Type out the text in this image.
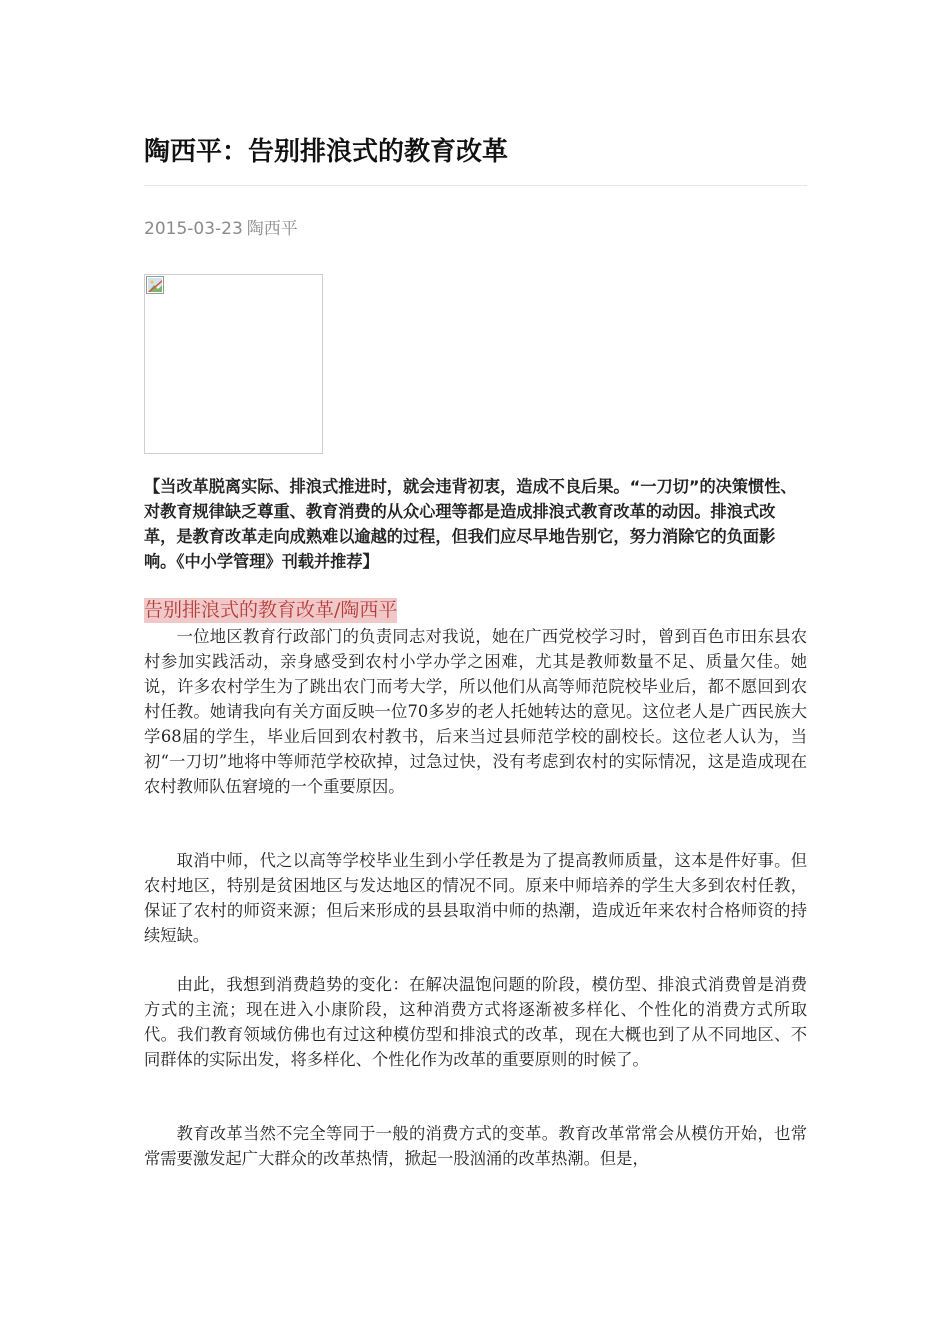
陶西平：告别排浪式的教育改革
2015-03-23 陶西平
【当改革脱离实际、排浪式推进时，就会违背初衷，造成不良后果。“一刀切”的决策惯性、对教育规律缺乏尊重、教育消费的从众心理等都是造成排浪式教育改革的动因。排浪式改革，是教育改革走向成熟难以逾越的过程，但我们应尽早地告别它，努力消除它的负面影响。《中小学管理》刊载并推荐】
告别排浪式的教育改革/陶西平

一位地区教育行政部门的负责同志对我说，她在广西党校学习时，曾到百色市田东县农村参加实践活动，亲身感受到农村小学办学之困难，尤其是教师数量不足、质量欠佳。她说，许多农村学生为了跳出农门而考大学，所以他们从高等师范院校毕业后，都不愿回到农村任教。她请我向有关方面反映一位70多岁的老人托她转达的意见。这位老人是广西民族大学68届的学生，毕业后回到农村教书，后来当过县师范学校的副校长。这位老人认为，当初“一刀切”地将中等师范学校砍掉，过急过快，没有考虑到农村的实际情况，这是造成现在农村教师队伍窘境的一个重要原因。

取消中师，代之以高等学校毕业生到小学任教是为了提高教师质量，这本是件好事。但农村地区，特别是贫困地区与发达地区的情况不同。原来中师培养的学生大多到农村任教，保证了农村的师资来源；但后来形成的县县取消中师的热潮，造成近年来农村合格师资的持续短缺。

由此，我想到消费趋势的变化：在解决温饱问题的阶段，模仿型、排浪式消费曾是消费方式的主流；现在进入小康阶段，这种消费方式将逐渐被多样化、个性化的消费方式所取代。我们教育领域仿佛也有过这种模仿型和排浪式的改革，现在大概也到了从不同地区、不同群体的实际出发，将多样化、个性化作为改革的重要原则的时候了。

教育改革当然不完全等同于一般的消费方式的变革。教育改革常常会从模仿开始，也常常需要激发起广大群众的改革热情，掀起一股汹涌的改革热潮。但是，
